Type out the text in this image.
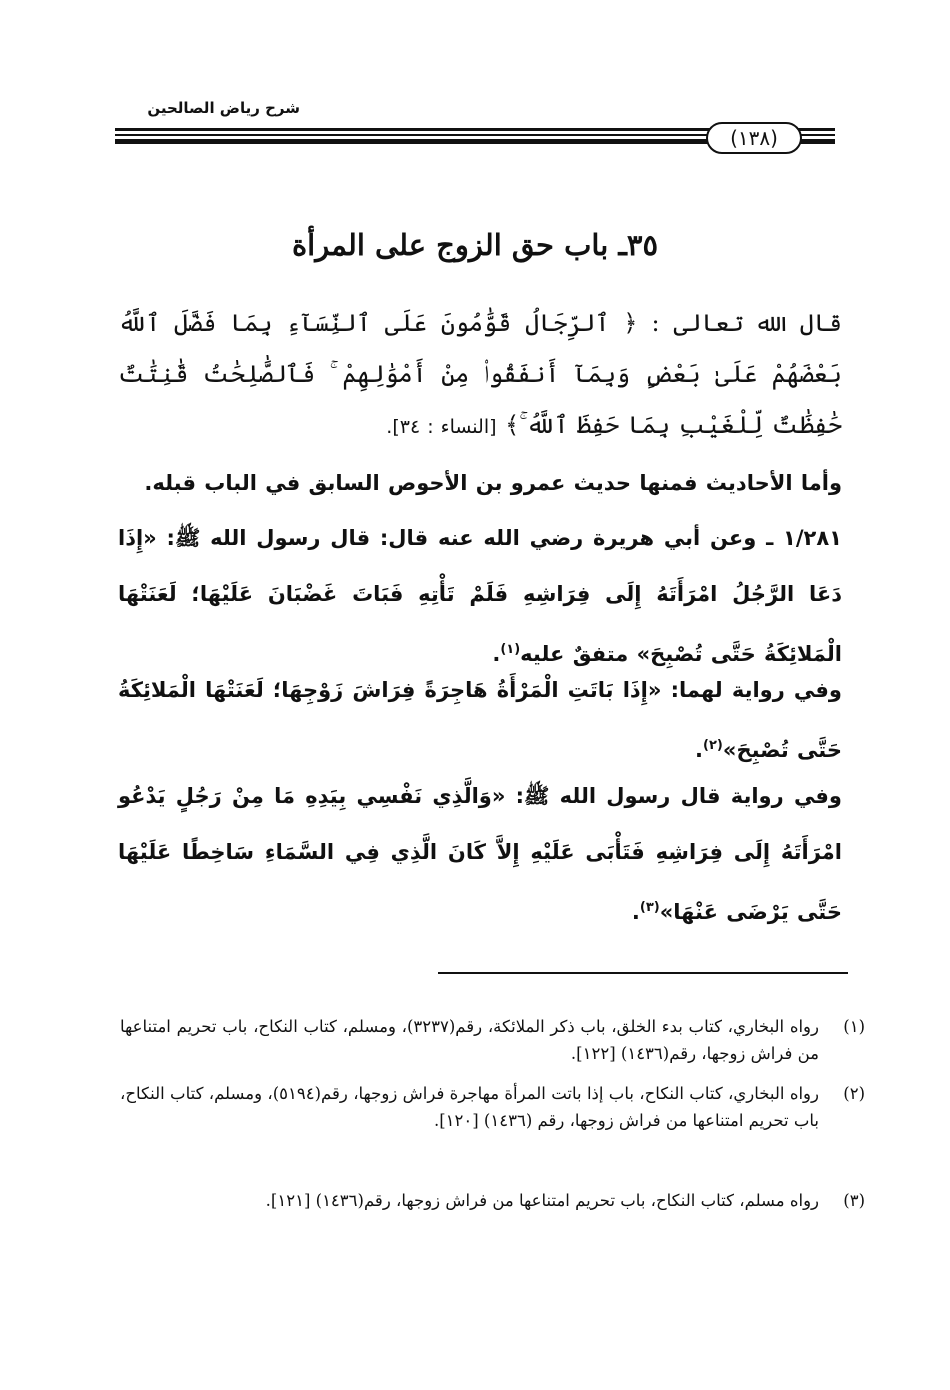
شرح رياض الصالحين
(١٣٨)
٣٥ـ باب حق الزوج على المرأة
قال الله تعالى : ﴿ ٱلرِّجَالُ قَوَّٰمُونَ عَلَى ٱلنِّسَآءِ بِمَا فَضَّلَ ٱللَّهُ بَعْضَهُمْ عَلَىٰ بَعْضٍ وَبِمَآ أَنفَقُوا۟ مِنْ أَمْوَٰلِهِمْ ۚ فَٱلصَّٰلِحَٰتُ قَٰنِتَٰتٌ حَٰفِظَٰتٌ لِّلْغَيْبِ بِمَا حَفِظَ ٱللَّهُ ۚ﴾ [النساء : ٣٤].
وأما الأحاديث فمنها حديث عمرو بن الأحوص السابق في الباب قبله.
١/٢٨١ ـ وعن أبي هريرة رضي الله عنه قال: قال رسول الله ﷺ: «إِذَا دَعَا الرَّجُلُ امْرَأَتَهُ إِلَى فِرَاشِهِ فَلَمْ تَأْتِهِ فَبَاتَ غَضْبَانَ عَلَيْهَا؛ لَعَنَتْهَا الْمَلائِكَةُ حَتَّى تُصْبِحَ» متفقٌ عليه$^{(١)}$.
وفي رواية لهما: «إِذَا بَاتَتِ الْمَرْأَةُ هَاجِرَةً فِرَاشَ زَوْجِهَا؛ لَعَنَتْهَا الْمَلائِكَةُ حَتَّى تُصْبِحَ»$^{(٢)}$.
وفي رواية قال رسول الله ﷺ: «وَالَّذِي نَفْسِي بِيَدِهِ مَا مِنْ رَجُلٍ يَدْعُو امْرَأَتَهُ إِلَى فِرَاشِهِ فَتَأْبَى عَلَيْهِ إِلاَّ كَانَ الَّذِي فِي السَّمَاءِ سَاخِطًا عَلَيْهَا حَتَّى يَرْضَى عَنْهَا»$^{(٣)}$.
(١)
رواه البخاري، كتاب بدء الخلق، باب ذكر الملائكة، رقم(٣٢٣٧)، ومسلم، كتاب النكاح، باب تحريم امتناعها من فراش زوجها، رقم(١٤٣٦) [١٢٢].
(٢)
رواه البخاري، كتاب النكاح، باب إذا باتت المرأة مهاجرة فراش زوجها، رقم(٥١٩٤)، ومسلم، كتاب النكاح، باب تحريم امتناعها من فراش زوجها، رقم (١٤٣٦) [١٢٠].
(٣)
رواه مسلم، كتاب النكاح، باب تحريم امتناعها من فراش زوجها، رقم(١٤٣٦) [١٢١].
